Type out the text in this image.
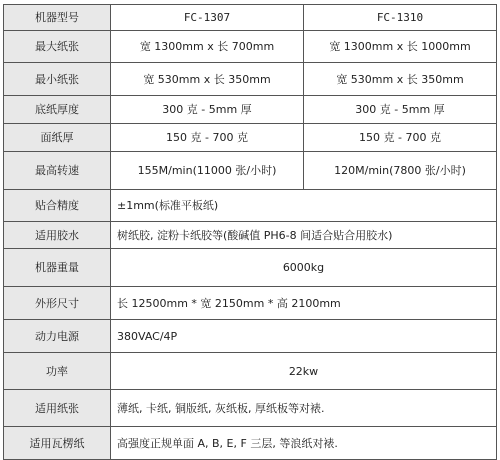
机器型号	FC-1307	FC-1310
最大纸张	宽 1300mm x 长 700mm	宽 1300mm x 长 1000mm
最小纸张	宽 530mm x 长 350mm	宽 530mm x 长 350mm
底纸厚度	300 克 - 5mm 厚	300 克 - 5mm 厚
面纸厚	150 克 - 700 克	150 克 - 700 克
最高转速	155M/min(11000 张/小时)	120M/min(7800 张/小时)
贴合精度	±1mm(标准平板纸)	
适用胶水	树纸胶, 淀粉卡纸胶等(酸碱值 PH6-8 间适合贴合用胶水)	
机器重量	6000kg	
外形尺寸	长 12500mm * 宽 2150mm * 高 2100mm	
动力电源	380VAC/4P	
功率	22kw	
适用纸张	薄纸, 卡纸, 铜版纸, 灰纸板, 厚纸板等对裱.	
适用瓦楞纸	高强度正规单面 A, B, E, F 三层, 等浪纸对裱.	
